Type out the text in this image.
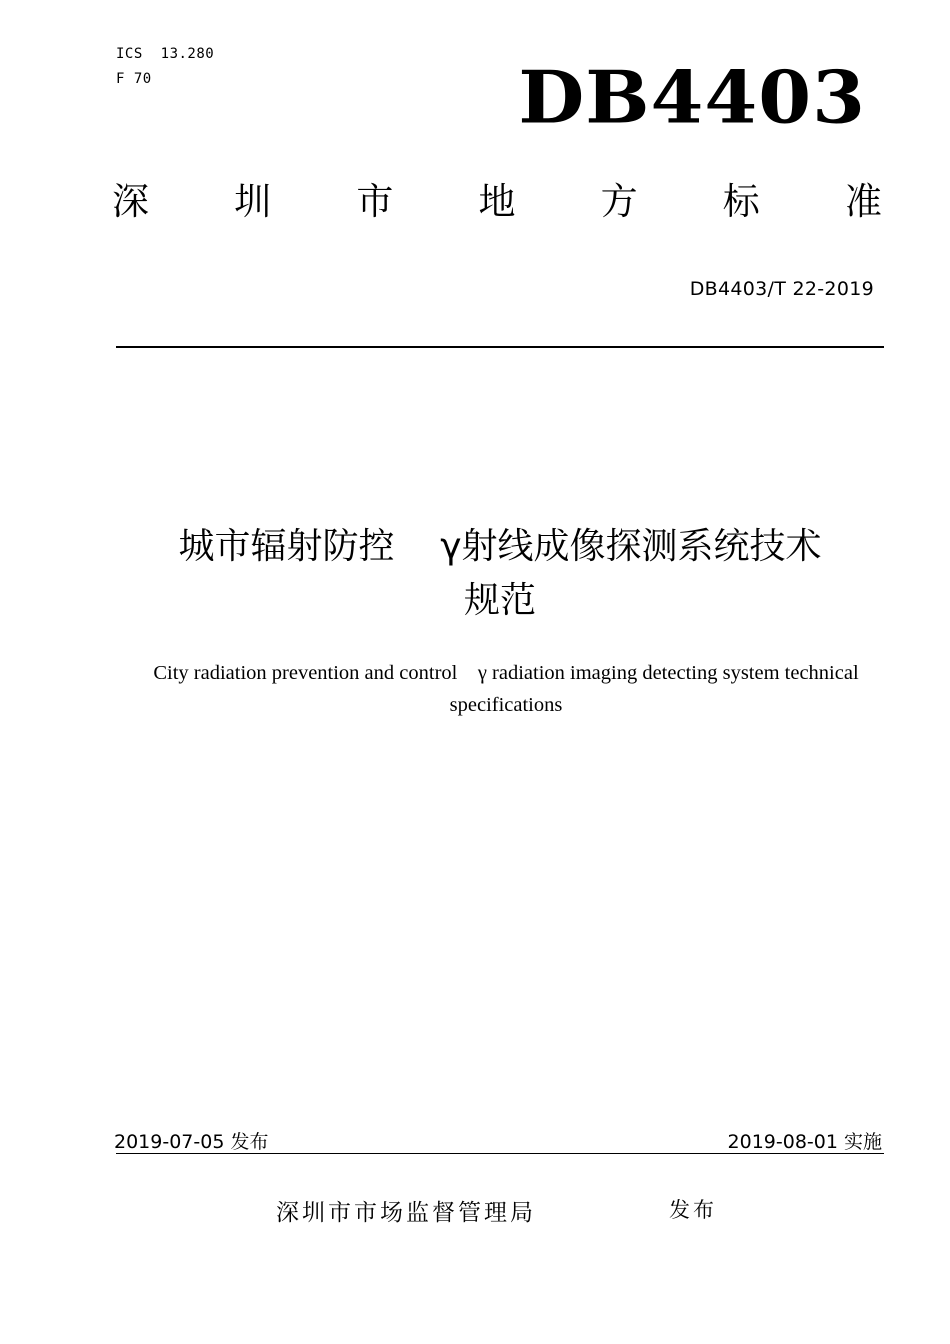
ICS  13.280
F 70	DB4403
深 圳 市 地 方 标 准
DB4403/T 22-2019
城市辐射防控    γ射线成像探测系统技术
规范
City radiation prevention and control    γ radiation imaging detecting system technical
specifications
2019-07-05 发布	2019-08-01 实施
深圳市市场监督管理局	发布
